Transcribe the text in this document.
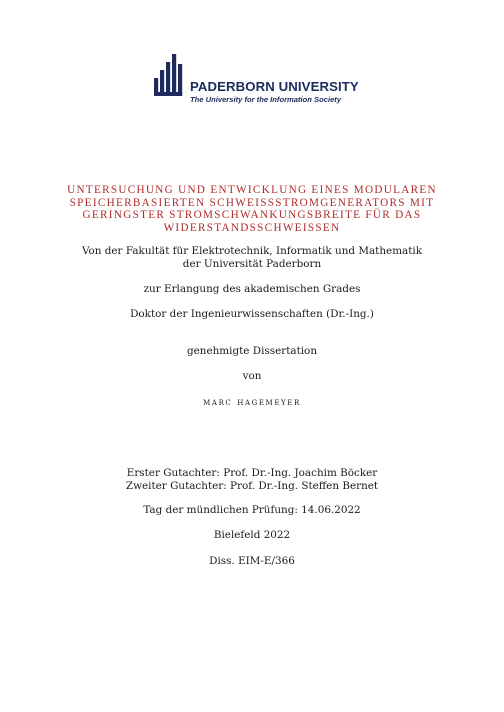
PADERBORN UNIVERSITY
The University for the Information Society
UNTERSUCHUNG UND ENTWICKLUNG EINES MODULAREN
SPEICHERBASIERTEN SCHWEISSSTROMGENERATORS MIT
GERINGSTER STROMSCHWANKUNGSBREITE FÜR DAS
WIDERSTANDSSCHWEISSEN
Von der Fakultät für Elektrotechnik, Informatik und Mathematik
der Universität Paderborn
zur Erlangung des akademischen Grades
Doktor der Ingenieurwissenschaften (Dr.-Ing.)
genehmigte Dissertation
von
marc hagemeyer
Erster Gutachter: Prof. Dr.-Ing. Joachim Böcker
Zweiter Gutachter: Prof. Dr.-Ing. Steffen Bernet
Tag der mündlichen Prüfung: 14.06.2022
Bielefeld 2022
Diss. EIM-E/366
